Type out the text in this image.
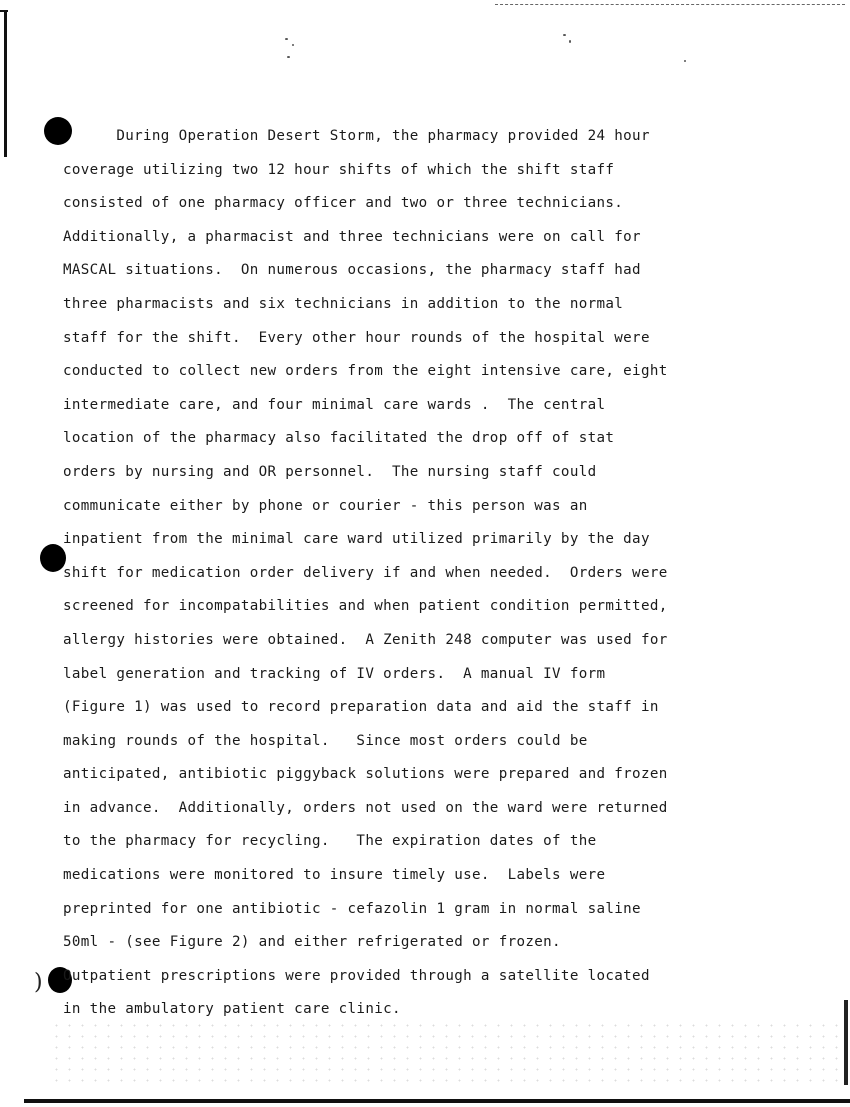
)

During Operation Desert Storm, the pharmacy provided 24 hour

coverage utilizing two 12 hour shifts of which the shift staff

consisted of one pharmacy officer and two or three technicians.

Additionally, a pharmacist and three technicians were on call for

MASCAL situations.  On numerous occasions, the pharmacy staff had

three pharmacists and six technicians in addition to the normal

staff for the shift.  Every other hour rounds of the hospital were

conducted to collect new orders from the eight intensive care, eight

intermediate care, and four minimal care wards .  The central

location of the pharmacy also facilitated the drop off of stat

orders by nursing and OR personnel.  The nursing staff could

communicate either by phone or courier - this person was an

inpatient from the minimal care ward utilized primarily by the day

shift for medication order delivery if and when needed.  Orders were

screened for incompatabilities and when patient condition permitted,

allergy histories were obtained.  A Zenith 248 computer was used for

label generation and tracking of IV orders.  A manual IV form

(Figure 1) was used to record preparation data and aid the staff in

making rounds of the hospital.   Since most orders could be

anticipated, antibiotic piggyback solutions were prepared and frozen

in advance.  Additionally, orders not used on the ward were returned

to the pharmacy for recycling.   The expiration dates of the

medications were monitored to insure timely use.  Labels were

preprinted for one antibiotic - cefazolin 1 gram in normal saline

50ml - (see Figure 2) and either refrigerated or frozen.

Outpatient prescriptions were provided through a satellite located

in the ambulatory patient care clinic.
